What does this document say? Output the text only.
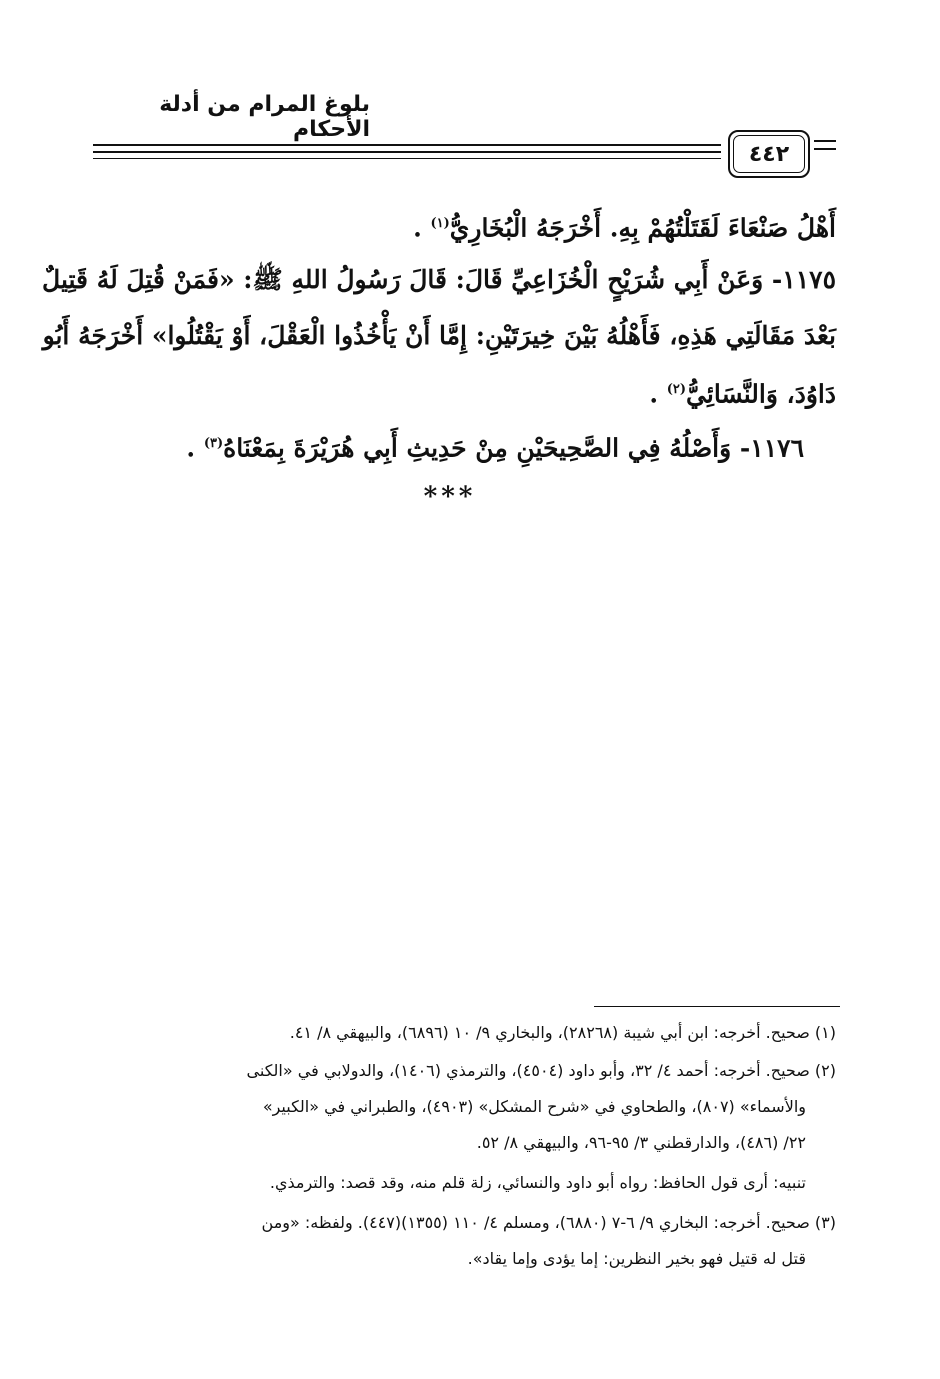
بلوغ المرام من أدلة الأحكام
٤٤٢
أَهْلُ صَنْعَاءَ لَقَتَلْتُهُمْ بِهِ. أَخْرَجَهُ الْبُخَارِيُّ$^{(١)}$ .
١١٧٥- وَعَنْ أَبِي شُرَيْحٍ الْخُزَاعِيِّ قَالَ: قَالَ رَسُولُ اللهِ ﷺ: «فَمَنْ قُتِلَ لَهُ قَتِيلٌ
بَعْدَ مَقَالَتِي هَذِهِ، فَأَهْلُهُ بَيْنَ خِيرَتَيْنِ: إِمَّا أَنْ يَأْخُذُوا الْعَقْلَ، أَوْ يَقْتُلُوا» أَخْرَجَهُ أَبُو
دَاوُدَ، وَالنَّسَائِيُّ$^{(٢)}$ .
١١٧٦- وَأَصْلُهُ فِي الصَّحِيحَيْنِ مِنْ حَدِيثِ أَبِي هُرَيْرَةَ بِمَعْنَاهُ$^{(٣)}$ .
***
(١) صحيح. أخرجه: ابن أبي شيبة (٢٨٢٦٨)، والبخاري ٩/ ١٠ (٦٨٩٦)، والبيهقي ٨/ ٤١.
(٢) صحيح. أخرجه: أحمد ٤/ ٣٢، وأبو داود (٤٥٠٤)، والترمذي (١٤٠٦)، والدولابي في «الكنى
والأسماء» (٨٠٧)، والطحاوي في «شرح المشكل» (٤٩٠٣)، والطبراني في «الكبير»
٢٢/ (٤٨٦)، والدارقطني ٣/ ٩٥-٩٦، والبيهقي ٨/ ٥٢.
تنبيه: أرى قول الحافظ: رواه أبو داود والنسائي، زلة قلم منه، وقد قصد: والترمذي.
(٣) صحيح. أخرجه: البخاري ٩/ ٦-٧ (٦٨٨٠)، ومسلم ٤/ ١١٠ (١٣٥٥)(٤٤٧). ولفظه: «ومن
قتل له قتيل فهو بخير النظرين: إما يؤدى وإما يقاد».
